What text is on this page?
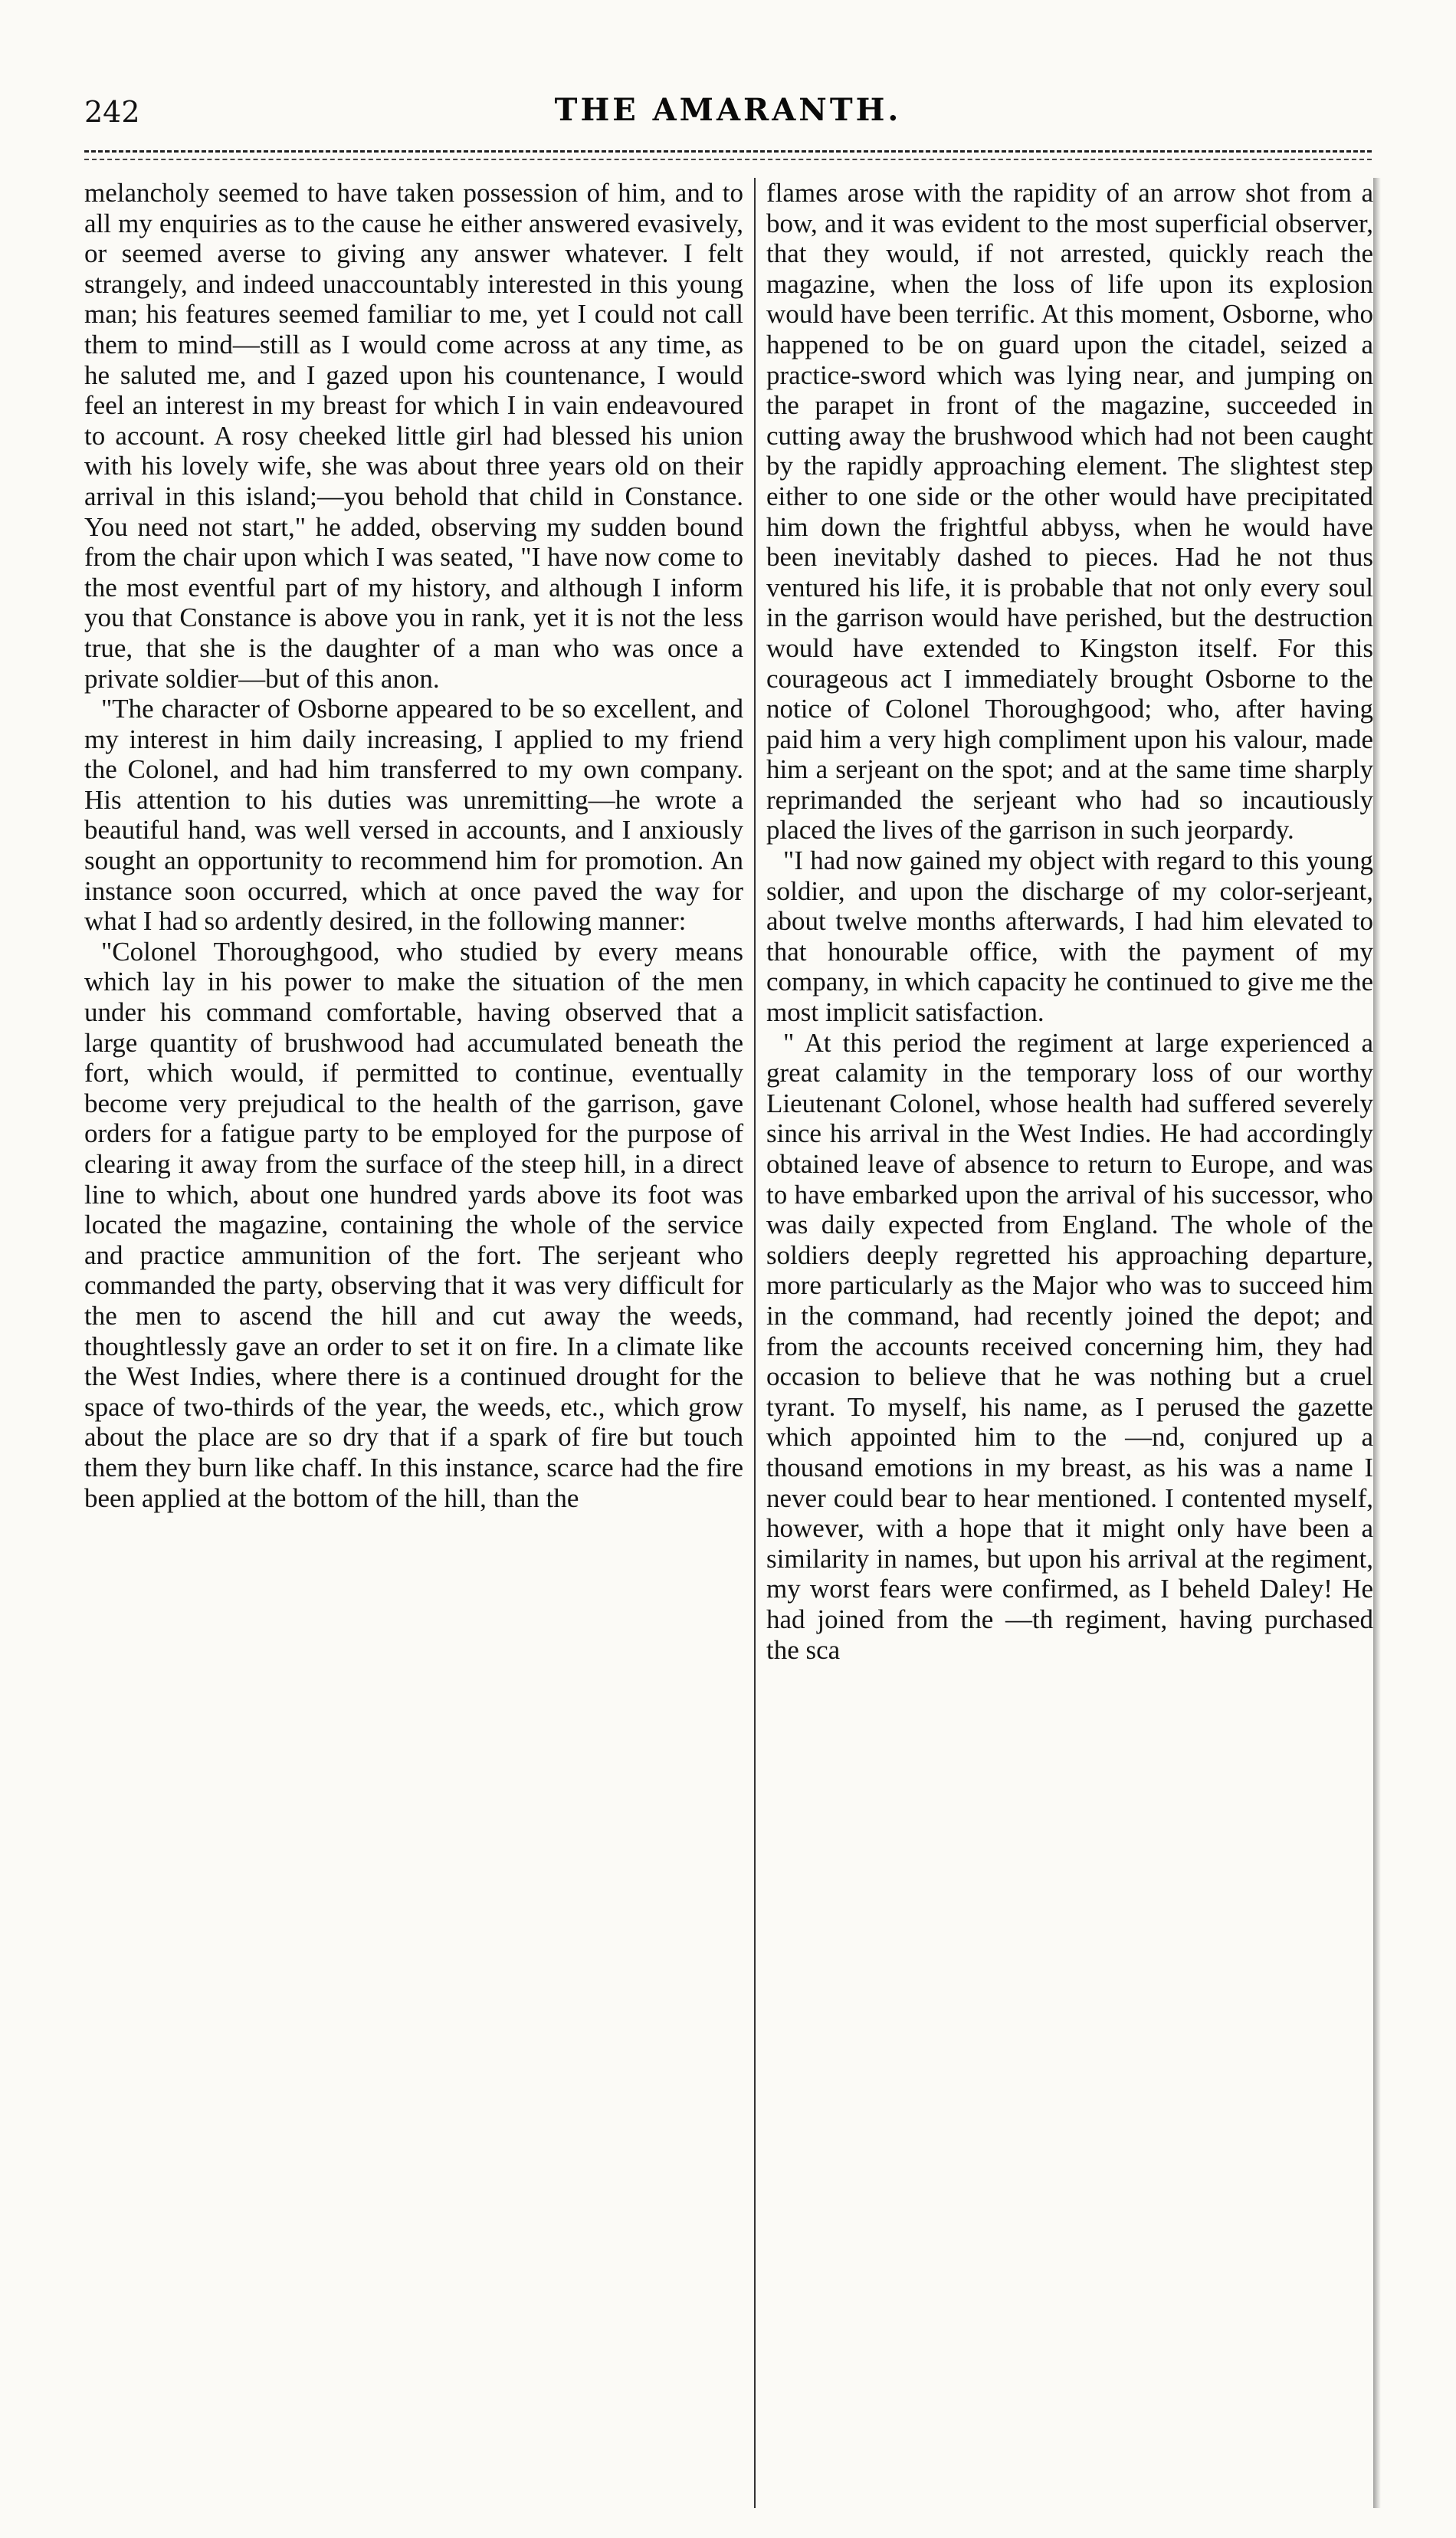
242	THE AMARANTH.

melancholy seemed to have taken possession of him, and to all my enquiries as to the cause he either answered evasively, or seemed averse to giving any answer whatever. I felt strangely, and indeed unaccountably interested in this young man; his features seemed familiar to me, yet I could not call them to mind—still as I would come across at any time, as he saluted me, and I gazed upon his countenance, I would feel an interest in my breast for which I in vain endeavoured to account. A rosy cheeked little girl had blessed his union with his lovely wife, she was about three years old on their arrival in this island;—you behold that child in Constance. You need not start," he added, observing my sudden bound from the chair upon which I was seated, "I have now come to the most eventful part of my history, and although I inform you that Constance is above you in rank, yet it is not the less true, that she is the daughter of a man who was once a private soldier—but of this anon.

"The character of Osborne appeared to be so excellent, and my interest in him daily increasing, I applied to my friend the Colonel, and had him transferred to my own company. His attention to his duties was unremitting—he wrote a beautiful hand, was well versed in accounts, and I anxiously sought an opportunity to recommend him for promotion. An instance soon occurred, which at once paved the way for what I had so ardently desired, in the following manner:

"Colonel Thoroughgood, who studied by every means which lay in his power to make the situation of the men under his command comfortable, having observed that a large quantity of brushwood had accumulated beneath the fort, which would, if permitted to continue, eventually become very prejudical to the health of the garrison, gave orders for a fatigue party to be employed for the purpose of clearing it away from the surface of the steep hill, in a direct line to which, about one hundred yards above its foot was located the magazine, containing the whole of the service and practice ammunition of the fort. The serjeant who commanded the party, observing that it was very difficult for the men to ascend the hill and cut away the weeds, thoughtlessly gave an order to set it on fire. In a climate like the West Indies, where there is a continued drought for the space of two-thirds of the year, the weeds, etc., which grow about the place are so dry that if a spark of fire but touch them they burn like chaff. In this instance, scarce had the fire been applied at the bottom of the hill, than the

flames arose with the rapidity of an arrow shot from a bow, and it was evident to the most superficial observer, that they would, if not arrested, quickly reach the magazine, when the loss of life upon its explosion would have been terrific. At this moment, Osborne, who happened to be on guard upon the citadel, seized a practice-sword which was lying near, and jumping on the parapet in front of the magazine, succeeded in cutting away the brushwood which had not been caught by the rapidly approaching element. The slightest step either to one side or the other would have precipitated him down the frightful abbyss, when he would have been inevitably dashed to pieces. Had he not thus ventured his life, it is probable that not only every soul in the garrison would have perished, but the destruction would have extended to Kingston itself. For this courageous act I immediately brought Osborne to the notice of Colonel Thoroughgood; who, after having paid him a very high compliment upon his valour, made him a serjeant on the spot; and at the same time sharply reprimanded the serjeant who had so incautiously placed the lives of the garrison in such jeorpardy.

"I had now gained my object with regard to this young soldier, and upon the discharge of my color-serjeant, about twelve months afterwards, I had him elevated to that honourable office, with the payment of my company, in which capacity he continued to give me the most implicit satisfaction.

" At this period the regiment at large experienced a great calamity in the temporary loss of our worthy Lieutenant Colonel, whose health had suffered severely since his arrival in the West Indies. He had accordingly obtained leave of absence to return to Europe, and was to have embarked upon the arrival of his successor, who was daily expected from England. The whole of the soldiers deeply regretted his approaching departure, more particularly as the Major who was to succeed him in the command, had recently joined the depot; and from the accounts received concerning him, they had occasion to believe that he was nothing but a cruel tyrant. To myself, his name, as I perused the gazette which appointed him to the —nd, conjured up a thousand emotions in my breast, as his was a name I never could bear to hear mentioned. I contented myself, however, with a hope that it might only have been a similarity in names, but upon his arrival at the regiment, my worst fears were confirmed, as I beheld Daley! He had joined from the —th regiment, having purchased the sca
